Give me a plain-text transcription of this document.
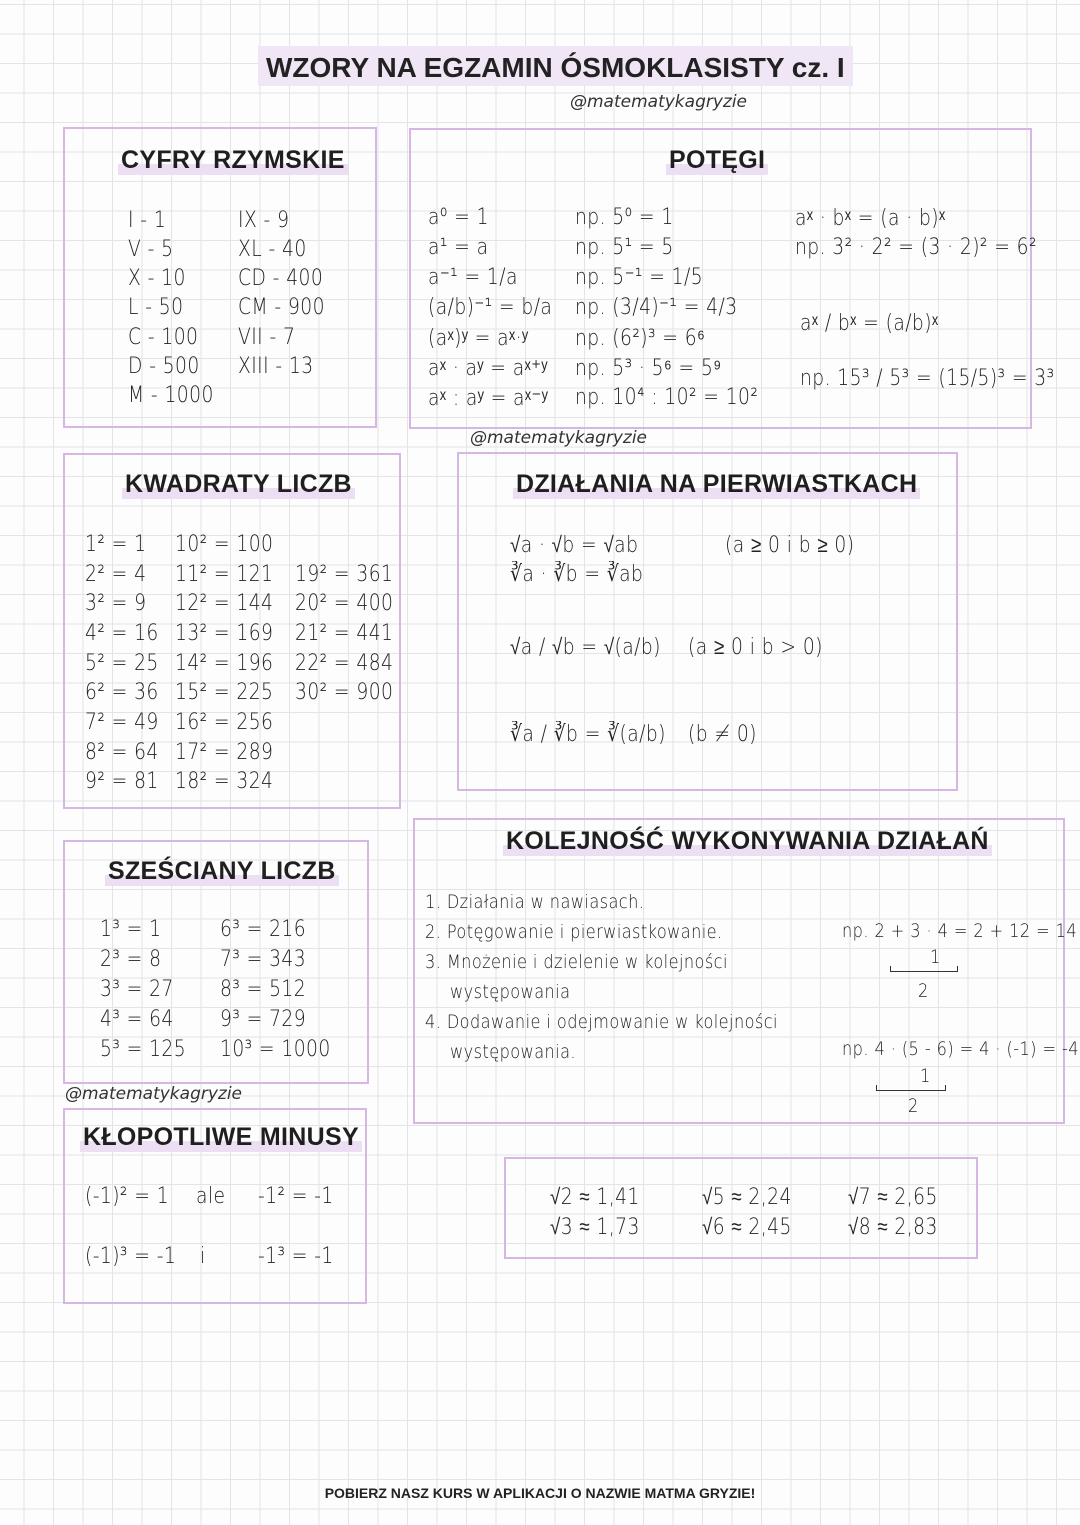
WZORY NA EGZAMIN ÓSMOKLASISTY cz. I
@matematykagryzie
@matematykagryzie
@matematykagryzie
CYFRY RZYMSKIE
I - 1
V - 5
X - 10
L - 50
C - 100
D - 500
M - 1000
IX - 9
XL - 40
CD - 400
CM - 900
VII - 7
XIII - 13
POTĘGI
a⁰ = 1
a¹ = a
a⁻¹ = 1/a
(a/b)⁻¹ = b/a
(aˣ)ʸ = aˣ·ʸ
aˣ · aʸ = aˣ⁺ʸ
aˣ : aʸ = aˣ⁻ʸ
np. 5⁰ = 1
np. 5¹ = 5
np. 5⁻¹ = 1/5
np. (3/4)⁻¹ = 4/3
np. (6²)³ = 6⁶
np. 5³ · 5⁶ = 5⁹
np. 10⁴ : 10² = 10²
aˣ · bˣ = (a · b)ˣ
np. 3² · 2² = (3 · 2)² = 6²
aˣ / bˣ = (a/b)ˣ
np. 15³ / 5³ = (15/5)³ = 3³
KWADRATY LICZB
1² = 1
2² = 4
3² = 9
4² = 16
5² = 25
6² = 36
7² = 49
8² = 64
9² = 81
10² = 100
11² = 121
12² = 144
13² = 169
14² = 196
15² = 225
16² = 256
17² = 289
18² = 324
19² = 361
20² = 400
21² = 441
22² = 484
30² = 900
DZIAŁANIA NA PIERWIASTKACH
√a · √b = √ab	(a ≥ 0 i b ≥ 0)
∛a · ∛b = ∛ab
√a / √b = √(a/b) (a ≥ 0 i b > 0)
∛a / ∛b = ∛(a/b) (b ≠ 0)
SZEŚCIANY LICZB
1³ = 1
2³ = 8
3³ = 27
4³ = 64
5³ = 125
6³ = 216
7³ = 343
8³ = 512
9³ = 729
10³ = 1000
KOLEJNOŚĆ WYKONYWANIA DZIAŁAŃ
1. Działania w nawiasach.
2. Potęgowanie i pierwiastkowanie.
3. Mnożenie i dzielenie w kolejności
występowania
4. Dodawanie i odejmowanie w kolejności
występowania.
np. 2 + 3 · 4 = 2 + 12 = 14
1
2
np. 4 · (5 - 6) = 4 · (-1) = -4
1
2
KŁOPOTLIWE MINUSY
(-1)² = 1 ale -1² = -1
(-1)³ = -1 i -1³ = -1
√2 ≈ 1,41
√3 ≈ 1,73
√5 ≈ 2,24
√6 ≈ 2,45
√7 ≈ 2,65
√8 ≈ 2,83
POBIERZ NASZ KURS W APLIKACJI O NAZWIE MATMA GRYZIE!
